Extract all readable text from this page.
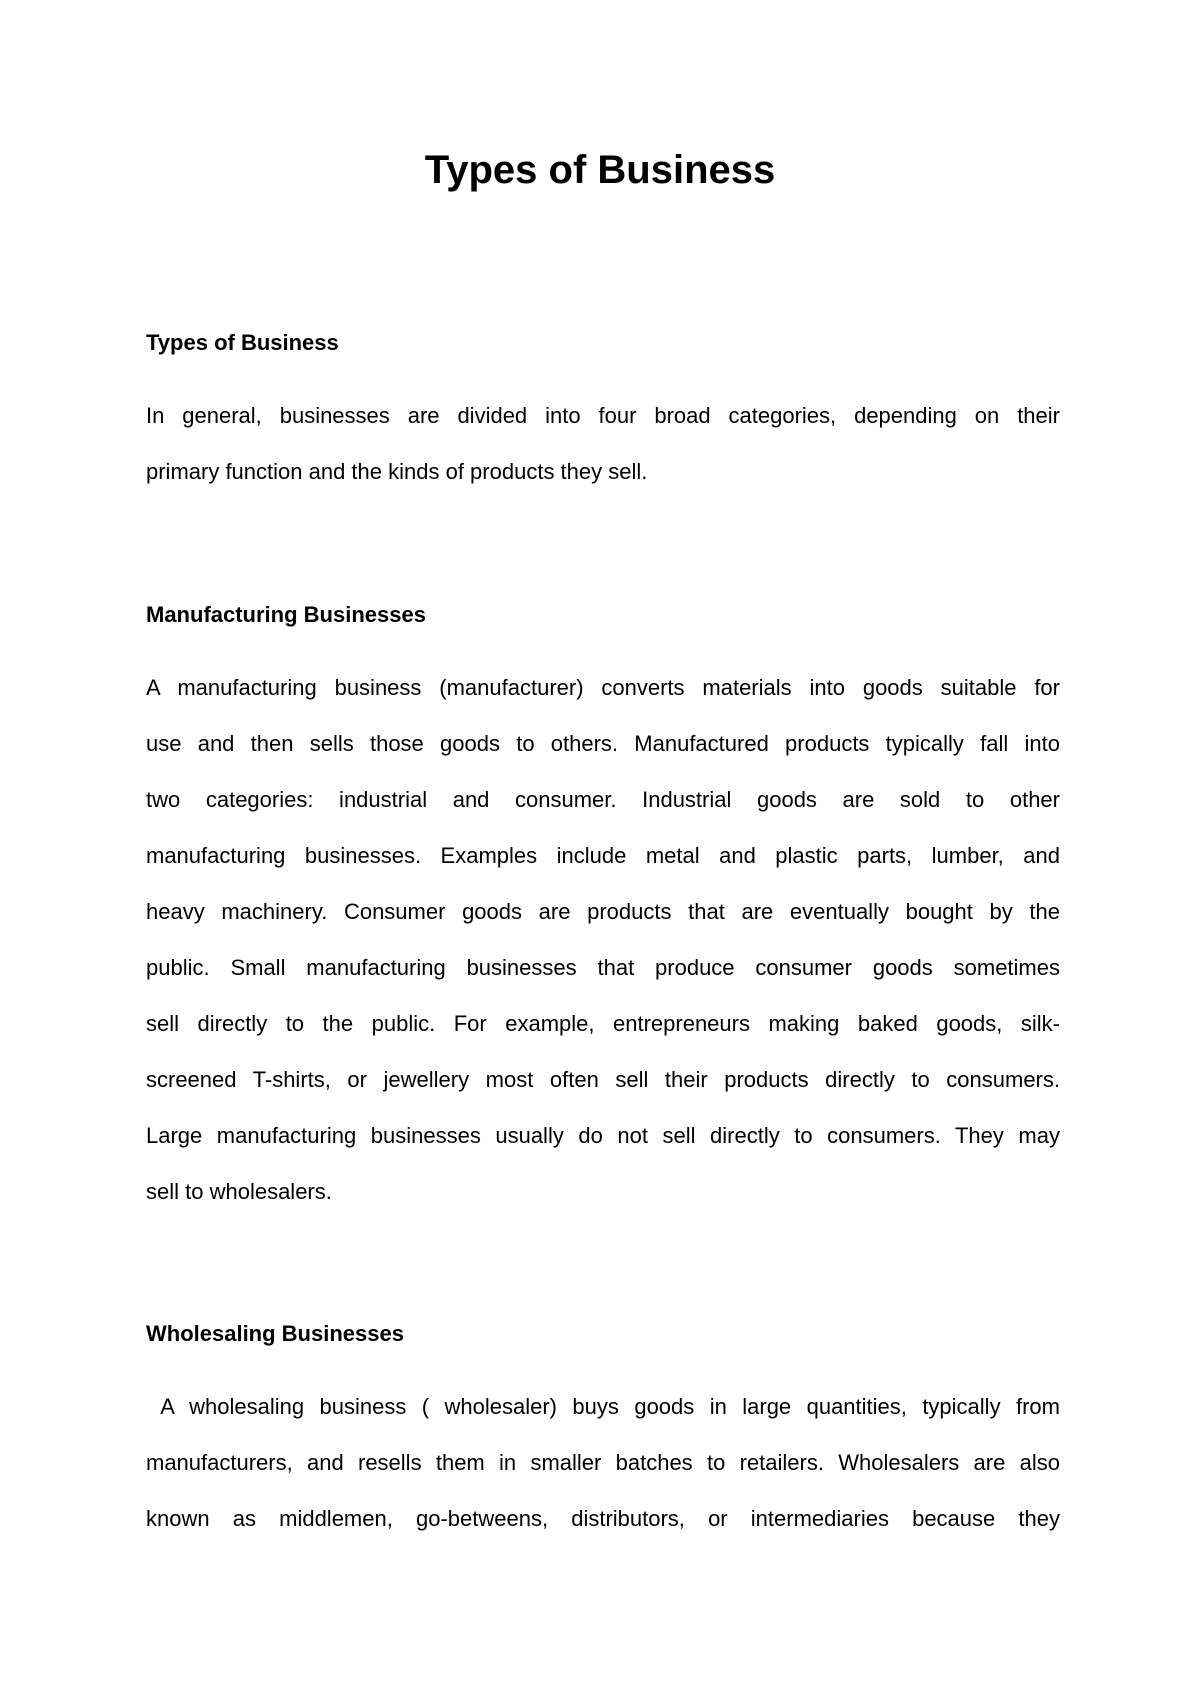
Types of Business
Types of Business
In general, businesses are divided into four broad categories, depending on their
primary function and the kinds of products they sell.
Manufacturing Businesses
A manufacturing business (manufacturer) converts materials into goods suitable for
use and then sells those goods to others. Manufactured products typically fall into
two categories: industrial and consumer. Industrial goods are sold to other
manufacturing businesses. Examples include metal and plastic parts, lumber, and
heavy machinery. Consumer goods are products that are eventually bought by the
public. Small manufacturing businesses that produce consumer goods sometimes
sell directly to the public. For example, entrepreneurs making baked goods, silk-
screened T-shirts, or jewellery most often sell their products directly to consumers.
Large manufacturing businesses usually do not sell directly to consumers. They may
sell to wholesalers.
Wholesaling Businesses
A wholesaling business ( wholesaler) buys goods in large quantities, typically from
manufacturers, and resells them in smaller batches to retailers. Wholesalers are also
known as middlemen, go-betweens, distributors, or intermediaries because they
